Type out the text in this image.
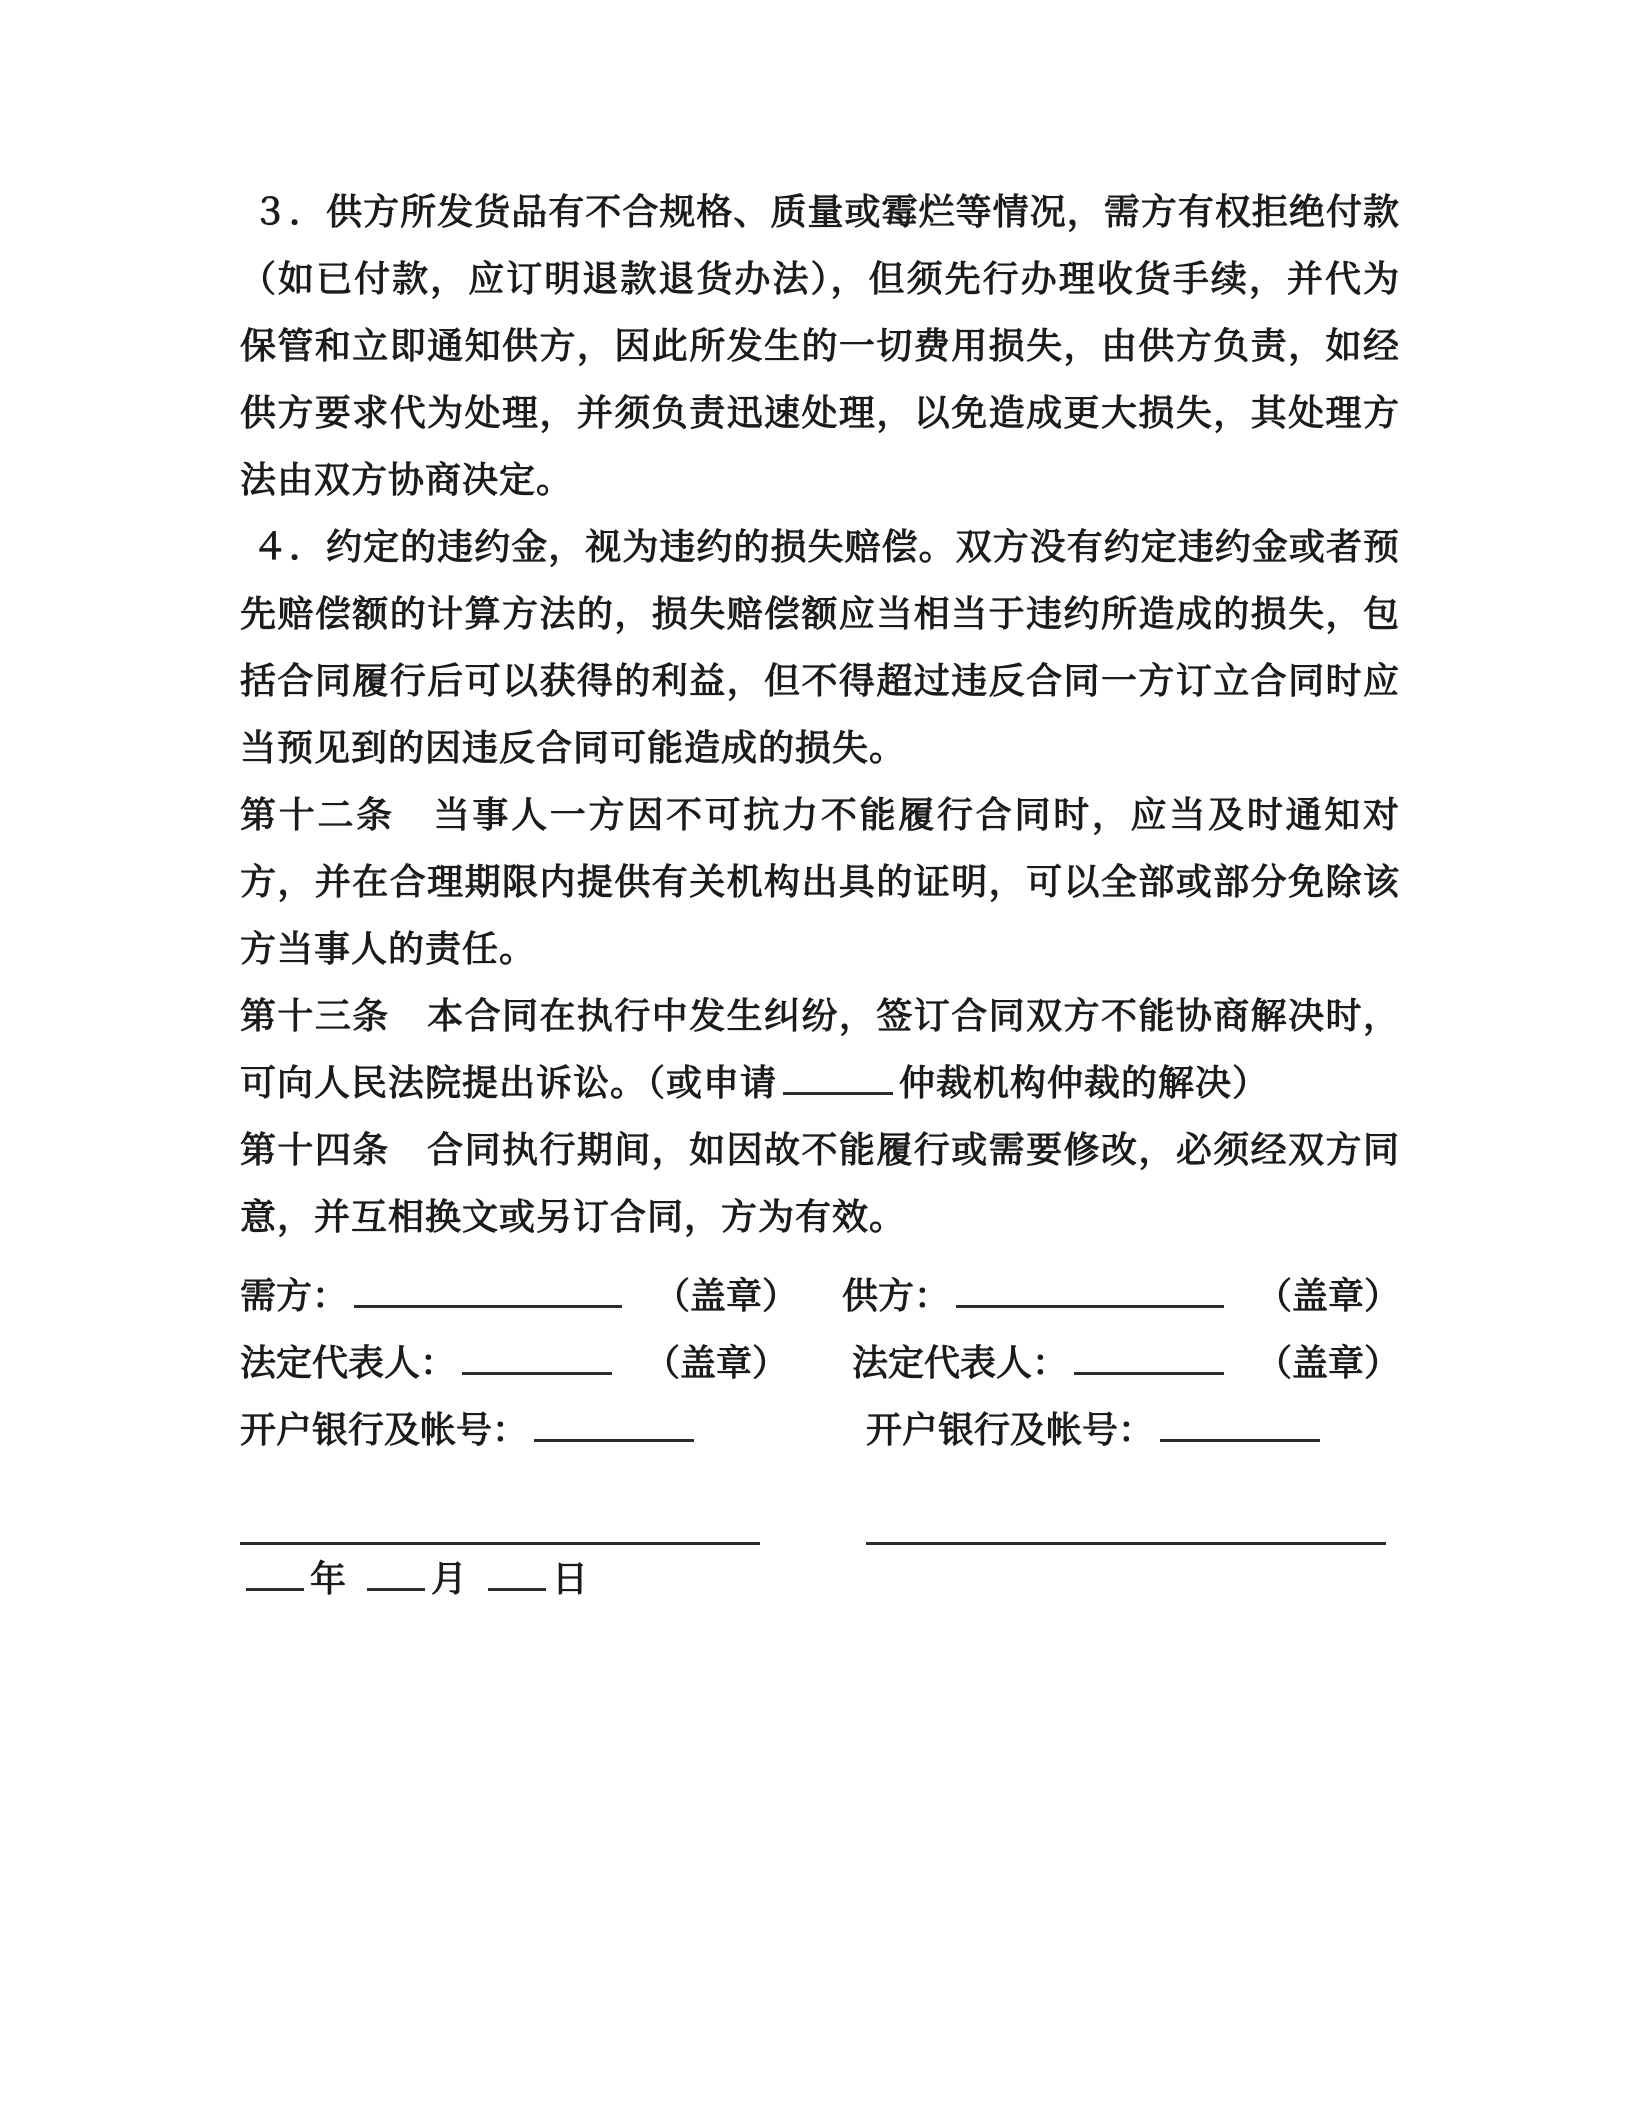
３．供方所发货品有不合规格、质量或霉烂等情况，需方有权拒绝付款（如已付款，应订明退款退货办法），但须先行办理收货手续，并代为保管和立即通知供方，因此所发生的一切费用损失，由供方负责，如经供方要求代为处理，并须负责迅速处理，以免造成更大损失，其处理方法由双方协商决定。

４．约定的违约金，视为违约的损失赔偿。双方没有约定违约金或者预先赔偿额的计算方法的，损失赔偿额应当相当于违约所造成的损失，包括合同履行后可以获得的利益，但不得超过违反合同一方订立合同时应当预见到的因违反合同可能造成的损失。

第十二条　当事人一方因不可抗力不能履行合同时，应当及时通知对方，并在合理期限内提供有关机构出具的证明，可以全部或部分免除该方当事人的责任。

第十三条　本合同在执行中发生纠纷，签订合同双方不能协商解决时，可向人民法院提出诉讼。（或申请	仲裁机构仲裁的解决）

第十四条　合同执行期间，如因故不能履行或需要修改，必须经双方同意，并互相换文或另订合同，方为有效。

需方：	（盖章） 供方：	（盖章）
法定代表人：	（盖章） 法定代表人：	（盖章）
开户银行及帐号：	开户银行及帐号：
年 月 日
